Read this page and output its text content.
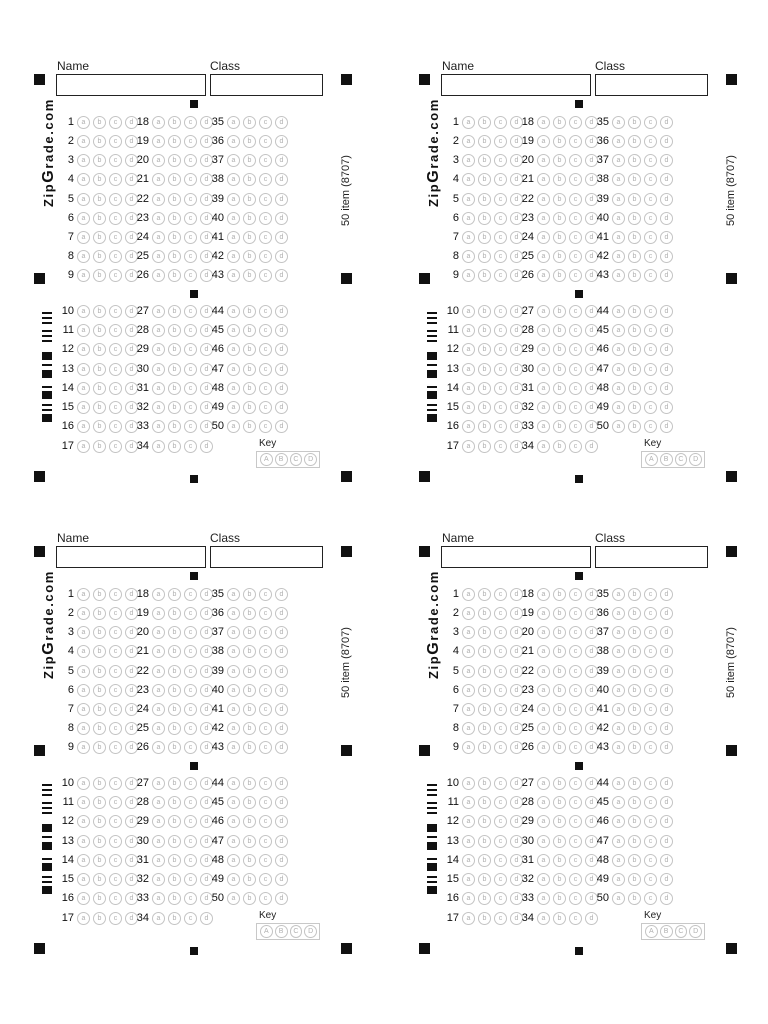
Name	Class
ZipGrade.com
50 item (8707)
1	a	b	c	d
2	a	b	c	d
3	a	b	c	d
4	a	b	c	d
5	a	b	c	d
6	a	b	c	d
7	a	b	c	d
8	a	b	c	d
9	a	b	c	d
10	a	b	c	d
11	a	b	c	d
12	a	b	c	d
13	a	b	c	d
14	a	b	c	d
15	a	b	c	d
16	a	b	c	d
17	a	b	c	d
18	a	b	c	d
19	a	b	c	d
20	a	b	c	d
21	a	b	c	d
22	a	b	c	d
23	a	b	c	d
24	a	b	c	d
25	a	b	c	d
26	a	b	c	d
27	a	b	c	d
28	a	b	c	d
29	a	b	c	d
30	a	b	c	d
31	a	b	c	d
32	a	b	c	d
33	a	b	c	d
34	a	b	c	d
35	a	b	c	d
36	a	b	c	d
37	a	b	c	d
38	a	b	c	d
39	a	b	c	d
40	a	b	c	d
41	a	b	c	d
42	a	b	c	d
43	a	b	c	d
44	a	b	c	d
45	a	b	c	d
46	a	b	c	d
47	a	b	c	d
48	a	b	c	d
49	a	b	c	d
50	a	b	c	d
Key
A	B	C	D
Name	Class
ZipGrade.com
50 item (8707)
1	a	b	c	d
2	a	b	c	d
3	a	b	c	d
4	a	b	c	d
5	a	b	c	d
6	a	b	c	d
7	a	b	c	d
8	a	b	c	d
9	a	b	c	d
10	a	b	c	d
11	a	b	c	d
12	a	b	c	d
13	a	b	c	d
14	a	b	c	d
15	a	b	c	d
16	a	b	c	d
17	a	b	c	d
18	a	b	c	d
19	a	b	c	d
20	a	b	c	d
21	a	b	c	d
22	a	b	c	d
23	a	b	c	d
24	a	b	c	d
25	a	b	c	d
26	a	b	c	d
27	a	b	c	d
28	a	b	c	d
29	a	b	c	d
30	a	b	c	d
31	a	b	c	d
32	a	b	c	d
33	a	b	c	d
34	a	b	c	d
35	a	b	c	d
36	a	b	c	d
37	a	b	c	d
38	a	b	c	d
39	a	b	c	d
40	a	b	c	d
41	a	b	c	d
42	a	b	c	d
43	a	b	c	d
44	a	b	c	d
45	a	b	c	d
46	a	b	c	d
47	a	b	c	d
48	a	b	c	d
49	a	b	c	d
50	a	b	c	d
Key
A	B	C	D
Name	Class
ZipGrade.com
50 item (8707)
1	a	b	c	d
2	a	b	c	d
3	a	b	c	d
4	a	b	c	d
5	a	b	c	d
6	a	b	c	d
7	a	b	c	d
8	a	b	c	d
9	a	b	c	d
10	a	b	c	d
11	a	b	c	d
12	a	b	c	d
13	a	b	c	d
14	a	b	c	d
15	a	b	c	d
16	a	b	c	d
17	a	b	c	d
18	a	b	c	d
19	a	b	c	d
20	a	b	c	d
21	a	b	c	d
22	a	b	c	d
23	a	b	c	d
24	a	b	c	d
25	a	b	c	d
26	a	b	c	d
27	a	b	c	d
28	a	b	c	d
29	a	b	c	d
30	a	b	c	d
31	a	b	c	d
32	a	b	c	d
33	a	b	c	d
34	a	b	c	d
35	a	b	c	d
36	a	b	c	d
37	a	b	c	d
38	a	b	c	d
39	a	b	c	d
40	a	b	c	d
41	a	b	c	d
42	a	b	c	d
43	a	b	c	d
44	a	b	c	d
45	a	b	c	d
46	a	b	c	d
47	a	b	c	d
48	a	b	c	d
49	a	b	c	d
50	a	b	c	d
Key
A	B	C	D
Name	Class
ZipGrade.com
50 item (8707)
1	a	b	c	d
2	a	b	c	d
3	a	b	c	d
4	a	b	c	d
5	a	b	c	d
6	a	b	c	d
7	a	b	c	d
8	a	b	c	d
9	a	b	c	d
10	a	b	c	d
11	a	b	c	d
12	a	b	c	d
13	a	b	c	d
14	a	b	c	d
15	a	b	c	d
16	a	b	c	d
17	a	b	c	d
18	a	b	c	d
19	a	b	c	d
20	a	b	c	d
21	a	b	c	d
22	a	b	c	d
23	a	b	c	d
24	a	b	c	d
25	a	b	c	d
26	a	b	c	d
27	a	b	c	d
28	a	b	c	d
29	a	b	c	d
30	a	b	c	d
31	a	b	c	d
32	a	b	c	d
33	a	b	c	d
34	a	b	c	d
35	a	b	c	d
36	a	b	c	d
37	a	b	c	d
38	a	b	c	d
39	a	b	c	d
40	a	b	c	d
41	a	b	c	d
42	a	b	c	d
43	a	b	c	d
44	a	b	c	d
45	a	b	c	d
46	a	b	c	d
47	a	b	c	d
48	a	b	c	d
49	a	b	c	d
50	a	b	c	d
Key
A	B	C	D
